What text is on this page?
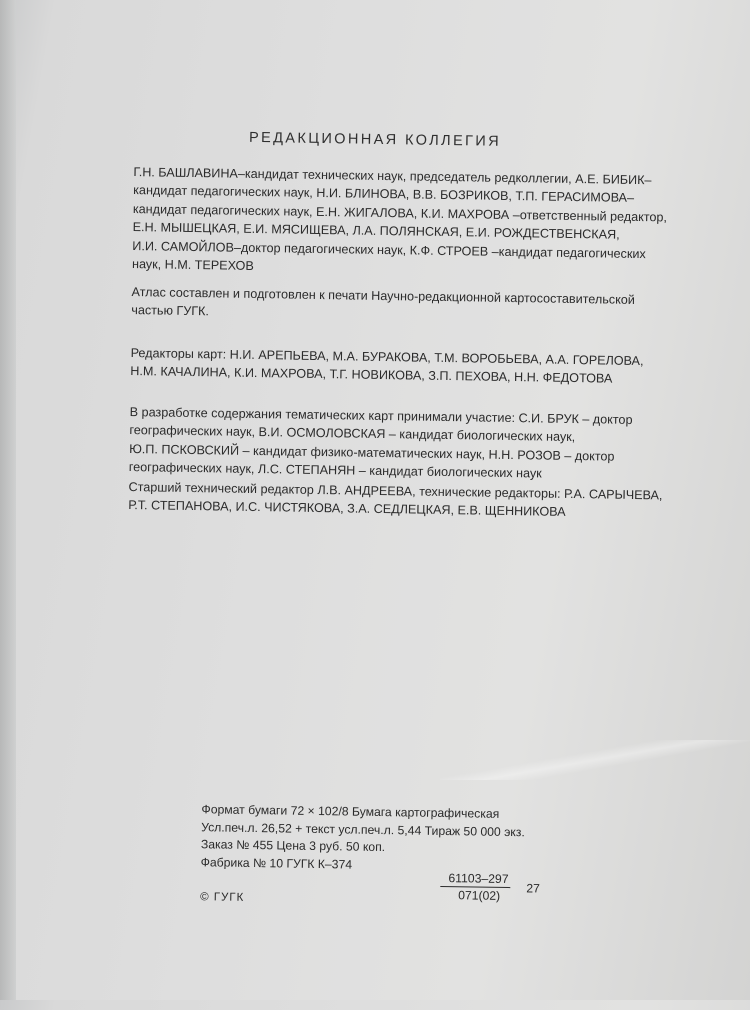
РЕДАКЦИОННАЯ КОЛЛЕГИЯ
Г.Н. БАШЛАВИНА–кандидат технических наук, председатель редколлегии, А.Е. БИБИК–
кандидат педагогических наук, Н.И. БЛИНОВА, В.В. БОЗРИКОВ, Т.П. ГЕРАСИМОВА–
кандидат педагогических наук, Е.Н. ЖИГАЛОВА, К.И. МАХРОВА –ответственный редактор,
Е.Н. МЫШЕЦКАЯ, Е.И. МЯСИЩЕВА, Л.А. ПОЛЯНСКАЯ, Е.И. РОЖДЕСТВЕНСКАЯ,
И.И. САМОЙЛОВ–доктор педагогических наук, К.Ф. СТРОЕВ –кандидат педагогических
наук, Н.М. ТЕРЕХОВ
Атлас составлен и подготовлен к печати Научно-редакционной картосоставительской
частью ГУГК.
Редакторы карт: Н.И. АРЕПЬЕВА, М.А. БУРАКОВА, Т.М. ВОРОБЬЕВА, А.А. ГОРЕЛОВА,
Н.М. КАЧАЛИНА, К.И. МАХРОВА, Т.Г. НОВИКОВА, З.П. ПЕХОВА, Н.Н. ФЕДОТОВА
В разработке содержания тематических карт принимали участие: С.И. БРУК – доктор
географических наук, В.И. ОСМОЛОВСКАЯ – кандидат биологических наук,
Ю.П. ПСКОВСКИЙ – кандидат физико-математических наук, Н.Н. РОЗОВ – доктор
географических наук, Л.С. СТЕПАНЯН – кандидат биологических наук
Старший технический редактор Л.В. АНДРЕЕВА, технические редакторы: Р.А. САРЫЧЕВА,
Р.Т. СТЕПАНОВА, И.С. ЧИСТЯКОВА, З.А. СЕДЛЕЦКАЯ, Е.В. ЩЕННИКОВА
Формат бумаги 72 × 102/8 Бумага картографическая
Усл.печ.л. 26,52 + текст усл.печ.л. 5,44 Тираж 50 000 экз.
Заказ № 455 Цена 3 руб. 50 коп.
Фабрика № 10 ГУГК К–374
61103–297
071(02)	27
© ГУГК
